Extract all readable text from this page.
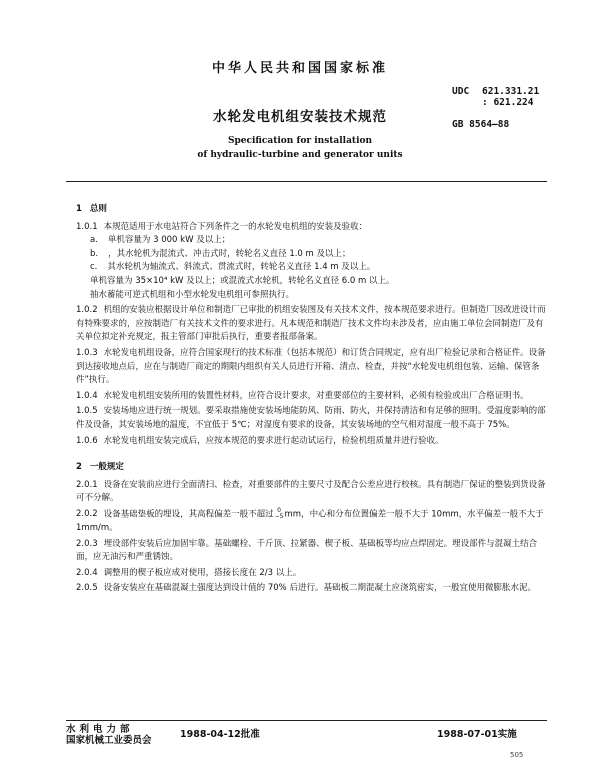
中华人民共和国国家标准
UDC 621.331.21
: 621.224
GB 8564—88
水轮发电机组安装技术规范
Specification for installation
of hydraulic-turbine and generator units
1 总则
1.0.1 本规范适用于水电站符合下列条件之一的水轮发电机组的安装及验收：
a. 单机容量为 3 000 kW 及以上；
b. ，其水轮机为混流式、冲击式时，转轮名义直径 1.0 m 及以上；
c. 其水轮机为轴流式、斜流式、贯流式时，转轮名义直径 1.4 m 及以上。
单机容量为 35×10⁴ kW 及以上；或混流式水轮机，转轮名义直径 6.0 m 以上。
抽水蓄能可逆式机组和小型水轮发电机组可参照执行。
1.0.2 机组的安装应根据设计单位和制造厂已审批的机组安装图及有关技术文件，按本规范要求进行。但制造厂因改进设计而有特殊要求的，应按制造厂有关技术文件的要求进行。凡本规范和制造厂技术文件均未涉及者，应由施工单位会同制造厂及有关单位拟定补充规定，报主管部门审批后执行，重要者报部备案。
1.0.3 水轮发电机组设备，应符合国家现行的技术标准（包括本规范）和订货合同规定，应有出厂检验记录和合格证件。设备到达接收地点后，应在与制造厂商定的期限内组织有关人员进行开箱、清点、检查，并按“水轮发电机组包装、运输、保管条件”执行。
1.0.4 水轮发电机组安装所用的装置性材料，应符合设计要求，对重要部位的主要材料，必须有检验或出厂合格证明书。
1.0.5 安装场地应进行统一规划。要采取措施使安装场地能防风、防雨、防火，并保持清洁和有足够的照明。受温度影响的部件及设备，其安装场地的温度，不宜低于 5℃；对湿度有要求的设备，其安装场地的空气相对湿度一般不高于 75%。
1.0.6 水轮发电机组安装完成后，应按本规范的要求进行起动试运行，检验机组质量并进行验收。
2 一般规定
2.0.1 设备在安装前应进行全面清扫、检查，对重要部件的主要尺寸及配合公差应进行校核。具有制造厂保证的整装到货设备可不分解。
2.0.2 设备基础垫板的埋设，其高程偏差一般不超过 0
−5 mm，中心和分布位置偏差一般不大于 10mm，水平偏差一般不大于 1mm/m。
2.0.3 埋设部件安装后应加固牢靠。基础螺栓、千斤顶、拉紧器、楔子板、基础板等均应点焊固定。埋设部件与混凝土结合面，应无油污和严重锈蚀。
2.0.4 调整用的楔子板应成对使用，搭接长度在 2/3 以上。
2.0.5 设备安装应在基础混凝土强度达到设计值的 70% 后进行。基础板二期混凝土应浇筑密实，一般宜使用微膨胀水泥。
水利电力部
国家机械工业委员会
1988-04-12批准	1988-07-01实施
505
